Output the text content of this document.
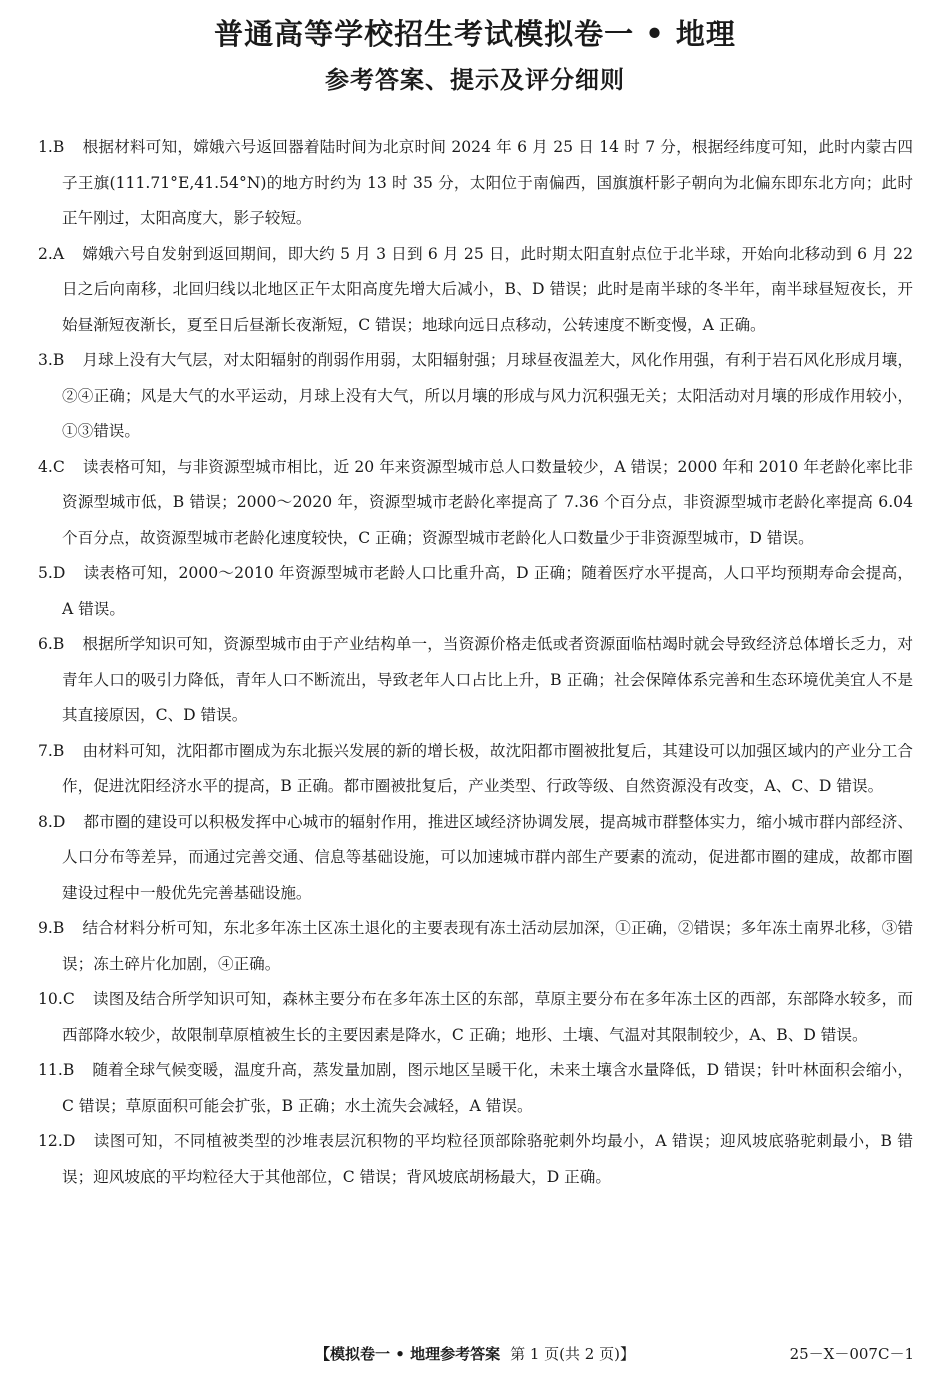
普通高等学校招生考试模拟卷一 • 地理
参考答案、提示及评分细则

1.B 根据材料可知，嫦娥六号返回器着陆时间为北京时间 2024 年 6 月 25 日 14 时 7 分，根据经纬度可知，此时内蒙古四子王旗(111.71°E,41.54°N)的地方时约为 13 时 35 分，太阳位于南偏西，国旗旗杆影子朝向为北偏东即东北方向；此时正午刚过，太阳高度大，影子较短。

2.A 嫦娥六号自发射到返回期间，即大约 5 月 3 日到 6 月 25 日，此时期太阳直射点位于北半球，开始向北移动到 6 月 22 日之后向南移，北回归线以北地区正午太阳高度先增大后减小，B、D 错误；此时是南半球的冬半年，南半球昼短夜长，开始昼渐短夜渐长，夏至日后昼渐长夜渐短，C 错误；地球向远日点移动，公转速度不断变慢，A 正确。

3.B 月球上没有大气层，对太阳辐射的削弱作用弱，太阳辐射强；月球昼夜温差大，风化作用强，有利于岩石风化形成月壤，②④正确；风是大气的水平运动，月球上没有大气，所以月壤的形成与风力沉积强无关；太阳活动对月壤的形成作用较小，①③错误。

4.C 读表格可知，与非资源型城市相比，近 20 年来资源型城市总人口数量较少，A 错误；2000 年和 2010 年老龄化率比非资源型城市低，B 错误；2000～2020 年，资源型城市老龄化率提高了 7.36 个百分点，非资源型城市老龄化率提高 6.04 个百分点，故资源型城市老龄化速度较快，C 正确；资源型城市老龄化人口数量少于非资源型城市，D 错误。

5.D 读表格可知，2000～2010 年资源型城市老龄人口比重升高，D 正确；随着医疗水平提高，人口平均预期寿命会提高，A 错误。

6.B 根据所学知识可知，资源型城市由于产业结构单一，当资源价格走低或者资源面临枯竭时就会导致经济总体增长乏力，对青年人口的吸引力降低，青年人口不断流出，导致老年人口占比上升，B 正确；社会保障体系完善和生态环境优美宜人不是其直接原因，C、D 错误。

7.B 由材料可知，沈阳都市圈成为东北振兴发展的新的增长极，故沈阳都市圈被批复后，其建设可以加强区域内的产业分工合作，促进沈阳经济水平的提高，B 正确。都市圈被批复后，产业类型、行政等级、自然资源没有改变，A、C、D 错误。

8.D 都市圈的建设可以积极发挥中心城市的辐射作用，推进区域经济协调发展，提高城市群整体实力，缩小城市群内部经济、人口分布等差异，而通过完善交通、信息等基础设施，可以加速城市群内部生产要素的流动，促进都市圈的建成，故都市圈建设过程中一般优先完善基础设施。

9.B 结合材料分析可知，东北多年冻土区冻土退化的主要表现有冻土活动层加深，①正确，②错误；多年冻土南界北移，③错误；冻土碎片化加剧，④正确。

10.C 读图及结合所学知识可知，森林主要分布在多年冻土区的东部，草原主要分布在多年冻土区的西部，东部降水较多，而西部降水较少，故限制草原植被生长的主要因素是降水，C 正确；地形、土壤、气温对其限制较少，A、B、D 错误。

11.B 随着全球气候变暖，温度升高，蒸发量加剧，图示地区呈暖干化，未来土壤含水量降低，D 错误；针叶林面积会缩小，C 错误；草原面积可能会扩张，B 正确；水土流失会减轻，A 错误。

12.D 读图可知，不同植被类型的沙堆表层沉积物的平均粒径顶部除骆驼刺外均最小，A 错误；迎风坡底骆驼刺最小，B 错误；迎风坡底的平均粒径大于其他部位，C 错误；背风坡底胡杨最大，D 正确。

【模拟卷一 • 地理参考答案 第 1 页(共 2 页)】	25－X－007C－1
